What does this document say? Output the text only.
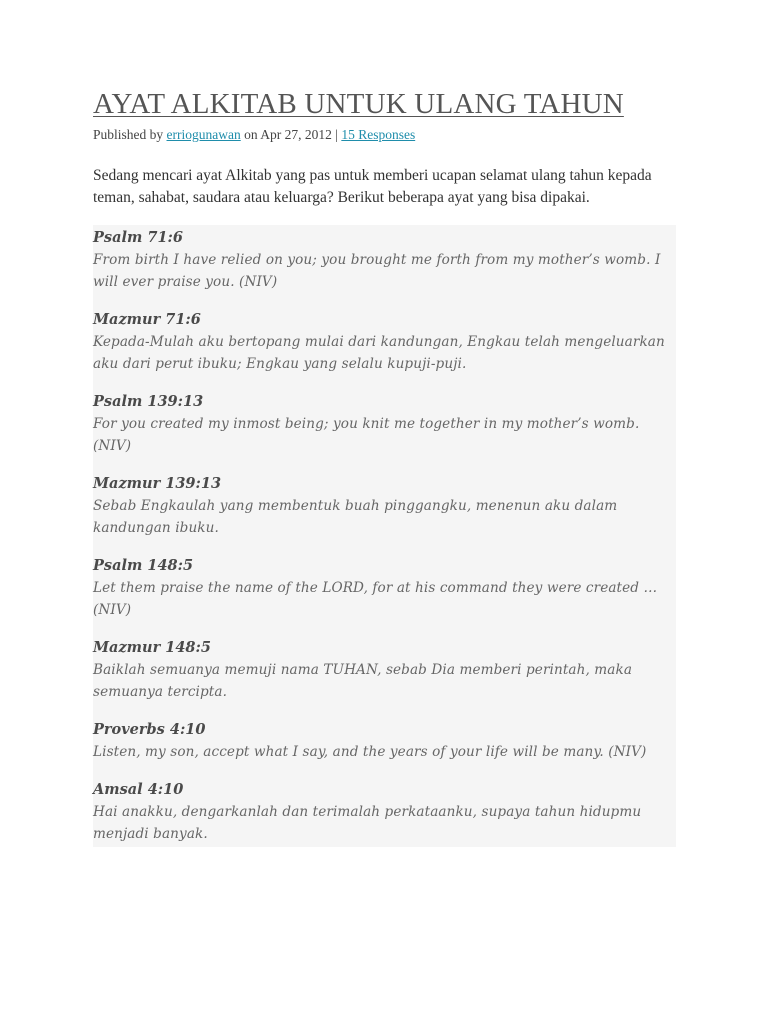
AYAT ALKITAB UNTUK ULANG TAHUN
Published by erriogunawan on Apr 27, 2012 | 15 Responses

Sedang mencari ayat Alkitab yang pas untuk memberi ucapan selamat ulang tahun kepada teman, sahabat, saudara atau keluarga? Berikut beberapa ayat yang bisa dipakai.

Psalm 71:6
From birth I have relied on you; you brought me forth from my mother’s womb. I will ever praise you. (NIV)
Mazmur 71:6
Kepada-Mulah aku bertopang mulai dari kandungan, Engkau telah mengeluarkan aku dari perut ibuku; Engkau yang selalu kupuji-puji.
Psalm 139:13
For you created my inmost being; you knit me together in my mother’s womb. (NIV)
Mazmur 139:13
Sebab Engkaulah yang membentuk buah pinggangku, menenun aku dalam kandungan ibuku.
Psalm 148:5
Let them praise the name of the LORD, for at his command they were created … (NIV)
Mazmur 148:5
Baiklah semuanya memuji nama TUHAN, sebab Dia memberi perintah, maka semuanya tercipta.
Proverbs 4:10
Listen, my son, accept what I say, and the years of your life will be many. (NIV)
Amsal 4:10
Hai anakku, dengarkanlah dan terimalah perkataanku, supaya tahun hidupmu menjadi banyak.
